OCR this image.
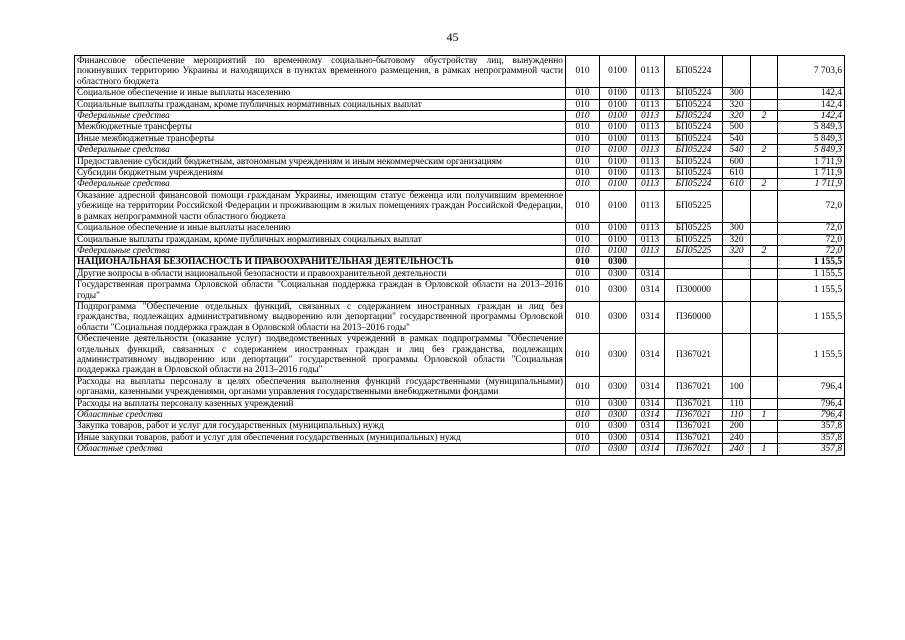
45
Финансовое обеспечение мероприятий по временному социально-бытовому обустройству лиц, вынужденно покинувших территорию Украины и находящихся в пунктах временного размещения, в рамках непрограммной части областного бюджета	010	0100	0113	БП05224			7 703,6
Социальное обеспечение и иные выплаты населению	010	0100	0113	БП05224	300		142,4
Социальные выплаты гражданам, кроме публичных нормативных социальных выплат	010	0100	0113	БП05224	320		142,4
Федеральные средства	010	0100	0113	БП05224	320	2	142,4
Межбюджетные трансферты	010	0100	0113	БП05224	500		5 849,3
Иные межбюджетные трансферты	010	0100	0113	БП05224	540		5 849,3
Федеральные средства	010	0100	0113	БП05224	540	2	5 849,3
Предоставление субсидий бюджетным, автономным учреждениям и иным некоммерческим организациям	010	0100	0113	БП05224	600		1 711,9
Субсидии бюджетным учреждениям	010	0100	0113	БП05224	610		1 711,9
Федеральные средства	010	0100	0113	БП05224	610	2	1 711,9
Оказание адресной финансовой помощи гражданам Украины, имеющим статус беженца или получившим временное убежище на территории Российской Федерации и проживающим в жилых помещениях граждан Российской Федерации, в рамках непрограммной части областного бюджета	010	0100	0113	БП05225			72,0
Социальное обеспечение и иные выплаты населению	010	0100	0113	БП05225	300		72,0
Социальные выплаты гражданам, кроме публичных нормативных социальных выплат	010	0100	0113	БП05225	320		72,0
Федеральные средства	010	0100	0113	БП05225	320	2	72,0
НАЦИОНАЛЬНАЯ БЕЗОПАСНОСТЬ И ПРАВООХРАНИТЕЛЬНАЯ ДЕЯТЕЛЬНОСТЬ	010	0300					1 155,5
Другие вопросы в области национальной безопасности и правоохранительной деятельности	010	0300	0314				1 155,5
Государственная программа Орловской области "Социальная поддержка граждан в Орловской области на 2013–2016 годы"	010	0300	0314	П300000			1 155,5
Подпрограмма "Обеспечение отдельных функций, связанных с содержанием иностранных граждан и лиц без гражданства, подлежащих административному выдворению или депортации" государственной программы Орловской области "Социальная поддержка граждан в Орловской области на 2013–2016 годы"	010	0300	0314	П360000			1 155,5
Обеспечение деятельности (оказание услуг) подведомственных учреждений в рамках подпрограммы "Обеспечение отдельных функций, связанных с содержанием иностранных граждан и лиц без гражданства, подлежащих административному выдворению или депортации" государственной программы Орловской области "Социальная поддержка граждан в Орловской области на 2013–2016 годы"	010	0300	0314	П367021			1 155,5
Расходы на выплаты персоналу в целях обеспечения выполнения функций государственными (муниципальными) органами, казенными учреждениями, органами управления государственными внебюджетными фондами	010	0300	0314	П367021	100		796,4
Расходы на выплаты персоналу казенных учреждений	010	0300	0314	П367021	110		796,4
Областные средства	010	0300	0314	П367021	110	1	796,4
Закупка товаров, работ и услуг для государственных (муниципальных) нужд	010	0300	0314	П367021	200		357,8
Иные закупки товаров, работ и услуг для обеспечения государственных (муниципальных) нужд	010	0300	0314	П367021	240		357,8
Областные средства	010	0300	0314	П367021	240	1	357,8
